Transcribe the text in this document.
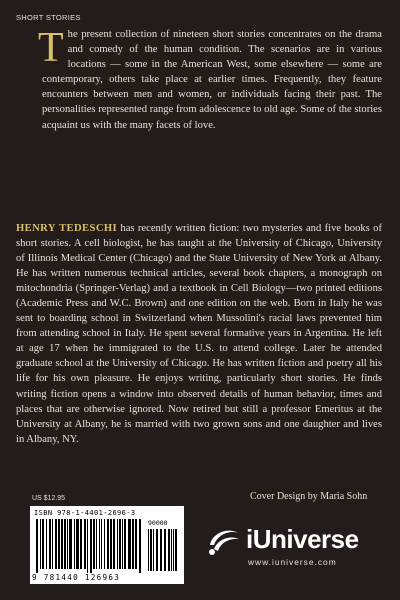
SHORT STORIES

The present collection of nineteen short stories concentrates on the drama and comedy of the human condition. The scenarios are in various locations — some in the American West, some elsewhere — some are contemporary, others take place at earlier times. Frequently, they feature encounters between men and women, or individuals facing their past. The personalities represented range from adolescence to old age. Some of the stories acquaint us with the many facets of love.

HENRY TEDESCHI has recently written fiction: two mysteries and five books of short stories. A cell biologist, he has taught at the University of Chicago, University of Illinois Medical Center (Chicago) and the State University of New York at Albany. He has written numerous technical articles, several book chapters, a monograph on mitochondria (Springer-Verlag) and a textbook in Cell Biology—two printed editions (Academic Press and W.C. Brown) and one edition on the web. Born in Italy he was sent to boarding school in Switzerland when Mussolini's racial laws prevented him from attending school in Italy. He spent several formative years in Argentina. He left at age 17 when he immigrated to the U.S. to attend college. Later he attended graduate school at the University of Chicago. He has written fiction and poetry all his life for his own pleasure. He enjoys writing, particularly short stories. He finds writing fiction opens a window into observed details of human behavior, times and places that are otherwise ignored. Now retired but still a professor Emeritus at the University at Albany, he is married with two grown sons and one daughter and lives in Albany, NY.

US $12.95	Cover Design by Maria Sohn
ISBN 978-1-4401-2696-3
90000
9 781440 126963
iUniverse
www.iuniverse.com
